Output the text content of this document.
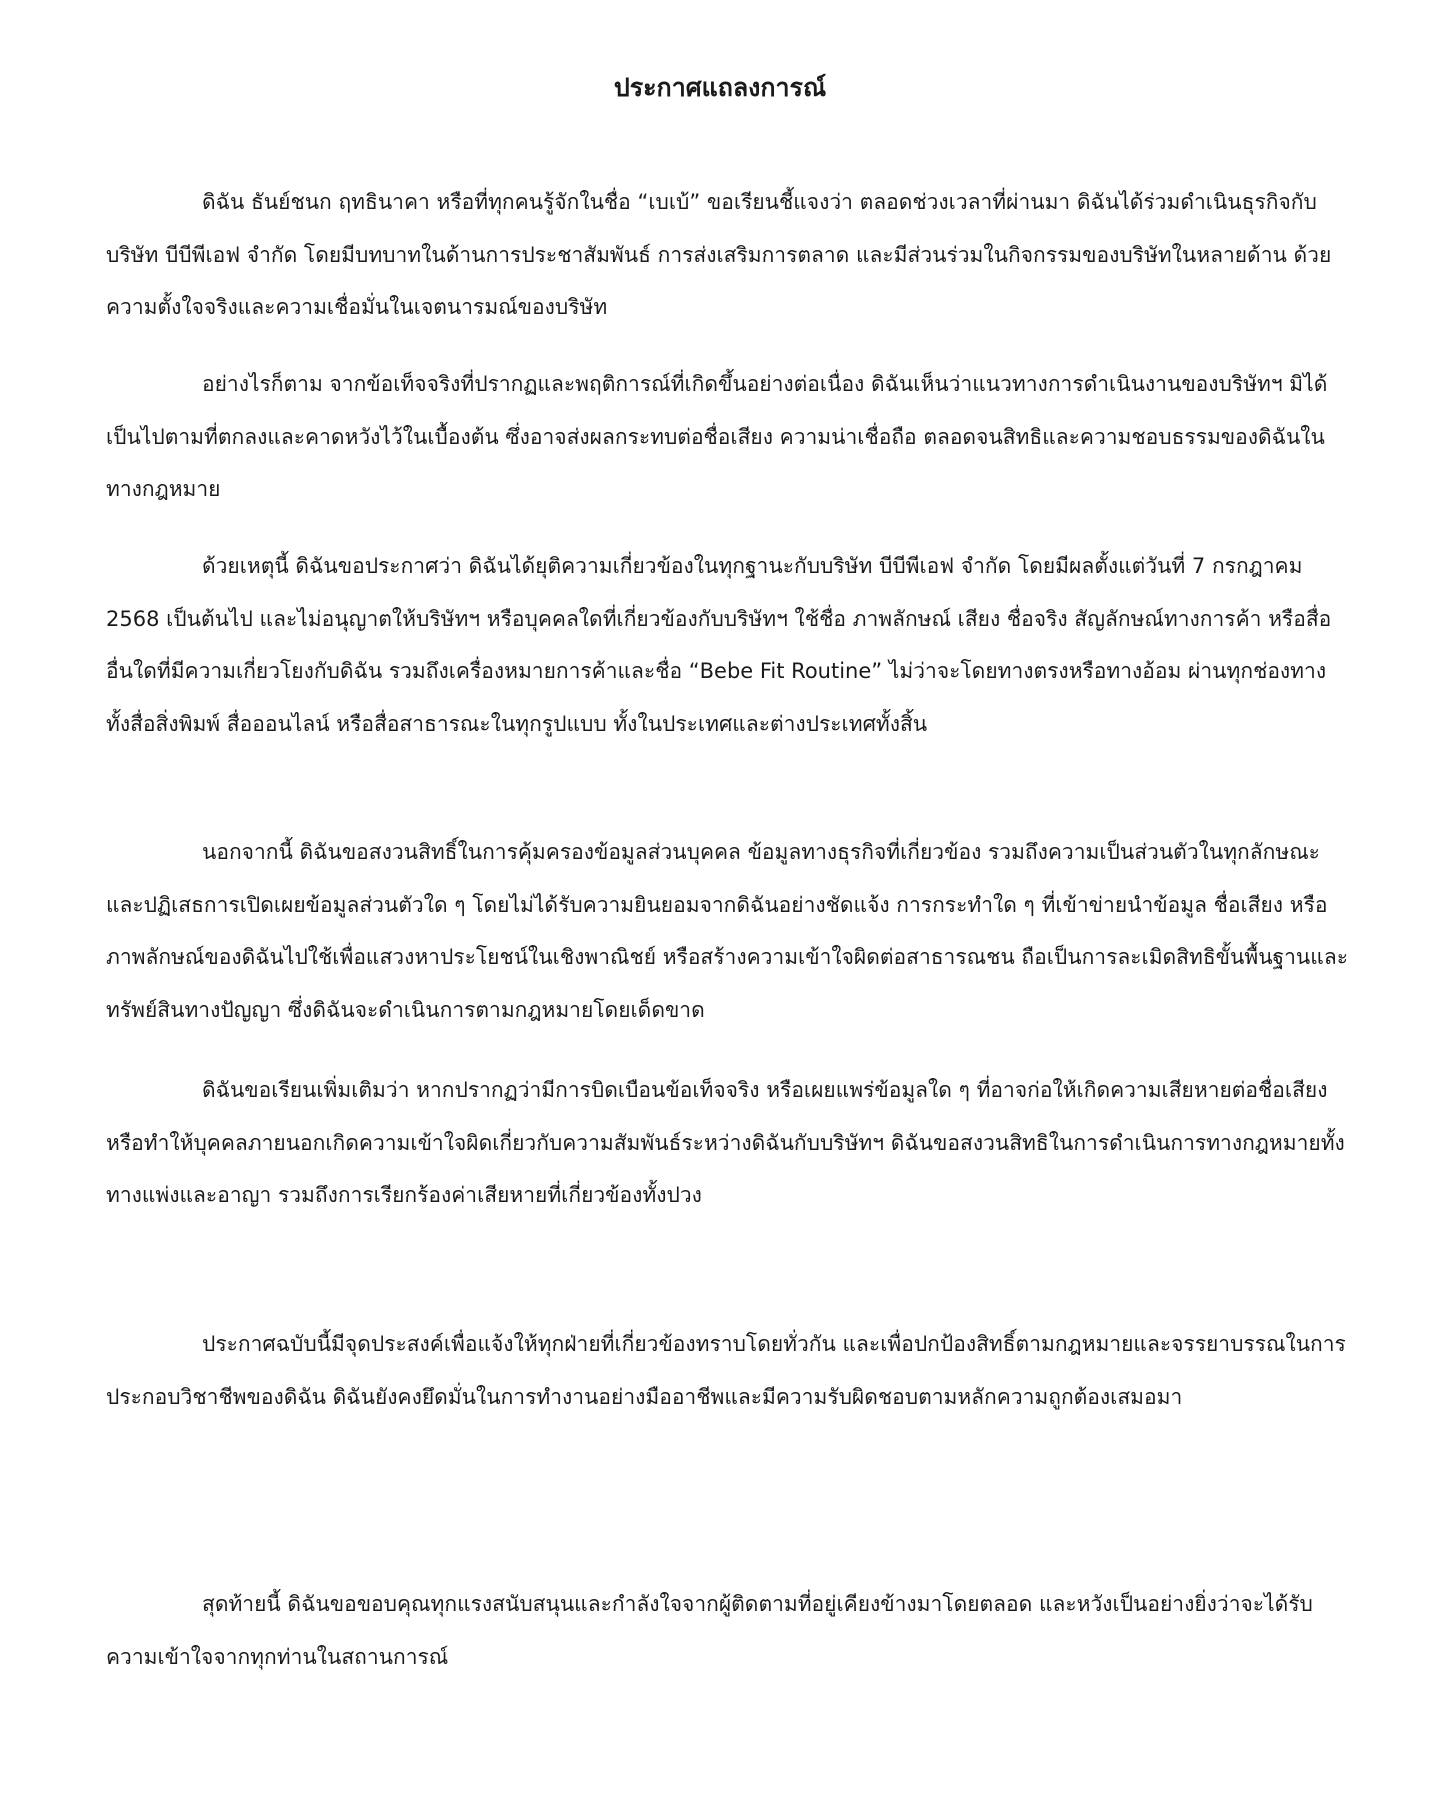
ประกาศแถลงการณ์

ดิฉัน ธันย์ชนก ฤทธินาคา หรือที่ทุกคนรู้จักในชื่อ “เบเบ้” ขอเรียนชี้แจงว่า ตลอดช่วงเวลาที่ผ่านมา ดิฉันได้ร่วมดำเนินธุรกิจกับบริษัท บีบีพีเอฟ จำกัด โดยมีบทบาทในด้านการประชาสัมพันธ์ การส่งเสริมการตลาด และมีส่วนร่วมในกิจกรรมของบริษัทในหลายด้าน ด้วยความตั้งใจจริงและความเชื่อมั่นในเจตนารมณ์ของบริษัท

อย่างไรก็ตาม จากข้อเท็จจริงที่ปรากฏและพฤติการณ์ที่เกิดขึ้นอย่างต่อเนื่อง ดิฉันเห็นว่าแนวทางการดำเนินงานของบริษัทฯ มิได้เป็นไปตามที่ตกลงและคาดหวังไว้ในเบื้องต้น ซึ่งอาจส่งผลกระทบต่อชื่อเสียง ความน่าเชื่อถือ ตลอดจนสิทธิและความชอบธรรมของดิฉันในทางกฎหมาย

ด้วยเหตุนี้ ดิฉันขอประกาศว่า ดิฉันได้ยุติความเกี่ยวข้องในทุกฐานะกับบริษัท บีบีพีเอฟ จำกัด โดยมีผลตั้งแต่วันที่ 7 กรกฎาคม 2568 เป็นต้นไป และไม่อนุญาตให้บริษัทฯ หรือบุคคลใดที่เกี่ยวข้องกับบริษัทฯ ใช้ชื่อ ภาพลักษณ์ เสียง ชื่อจริง สัญลักษณ์ทางการค้า หรือสื่ออื่นใดที่มีความเกี่ยวโยงกับดิฉัน รวมถึงเครื่องหมายการค้าและชื่อ “Bebe Fit Routine” ไม่ว่าจะโดยทางตรงหรือทางอ้อม ผ่านทุกช่องทาง ทั้งสื่อสิ่งพิมพ์ สื่อออนไลน์ หรือสื่อสาธารณะในทุกรูปแบบ ทั้งในประเทศและต่างประเทศทั้งสิ้น

นอกจากนี้ ดิฉันขอสงวนสิทธิ์ในการคุ้มครองข้อมูลส่วนบุคคล ข้อมูลทางธุรกิจที่เกี่ยวข้อง รวมถึงความเป็นส่วนตัวในทุกลักษณะ และปฏิเสธการเปิดเผยข้อมูลส่วนตัวใด ๆ โดยไม่ได้รับความยินยอมจากดิฉันอย่างชัดแจ้ง การกระทำใด ๆ ที่เข้าข่ายนำข้อมูล ชื่อเสียง หรือภาพลักษณ์ของดิฉันไปใช้เพื่อแสวงหาประโยชน์ในเชิงพาณิชย์ หรือสร้างความเข้าใจผิดต่อสาธารณชน ถือเป็นการละเมิดสิทธิขั้นพื้นฐานและทรัพย์สินทางปัญญา ซึ่งดิฉันจะดำเนินการตามกฎหมายโดยเด็ดขาด

ดิฉันขอเรียนเพิ่มเติมว่า หากปรากฏว่ามีการบิดเบือนข้อเท็จจริง หรือเผยแพร่ข้อมูลใด ๆ ที่อาจก่อให้เกิดความเสียหายต่อชื่อเสียง หรือทำให้บุคคลภายนอกเกิดความเข้าใจผิดเกี่ยวกับความสัมพันธ์ระหว่างดิฉันกับบริษัทฯ ดิฉันขอสงวนสิทธิในการดำเนินการทางกฎหมายทั้งทางแพ่งและอาญา รวมถึงการเรียกร้องค่าเสียหายที่เกี่ยวข้องทั้งปวง

ประกาศฉบับนี้มีจุดประสงค์เพื่อแจ้งให้ทุกฝ่ายที่เกี่ยวข้องทราบโดยทั่วกัน และเพื่อปกป้องสิทธิ์ตามกฎหมายและจรรยาบรรณในการประกอบวิชาชีพของดิฉัน ดิฉันยังคงยึดมั่นในการทำงานอย่างมืออาชีพและมีความรับผิดชอบตามหลักความถูกต้องเสมอมา

สุดท้ายนี้ ดิฉันขอขอบคุณทุกแรงสนับสนุนและกำลังใจจากผู้ติดตามที่อยู่เคียงข้างมาโดยตลอด และหวังเป็นอย่างยิ่งว่าจะได้รับความเข้าใจจากทุกท่านในสถานการณ์
